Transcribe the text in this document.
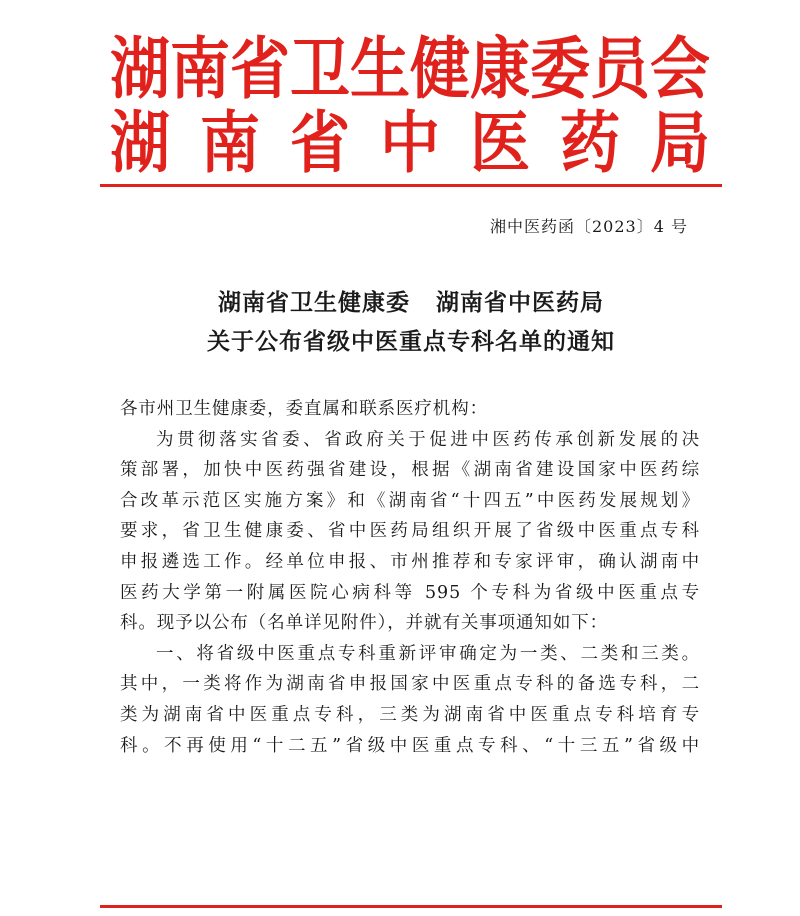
湖 南 省 卫 生 健 康 委 员 会
湖 南 省 中 医 药 局
湘中医药函〔2023〕4 号
湖南省卫生健康委 湖南省中医药局
关于公布省级中医重点专科名单的通知

各市州卫生健康委，委直属和联系医疗机构：

为贯彻落实省委、省政府关于促进中医药传承创新发展的决

策部署，加快中医药强省建设，根据《湖南省建设国家中医药综

合改革示范区实施方案》和《湖南省“十四五”中医药发展规划》

要求，省卫生健康委、省中医药局组织开展了省级中医重点专科

申报遴选工作。经单位申报、市州推荐和专家评审，确认湖南中

医药大学第一附属医院心病科等 595 个专科为省级中医重点专

科。现予以公布（名单详见附件），并就有关事项通知如下：

一、将省级中医重点专科重新评审确定为一类、二类和三类。

其中，一类将作为湖南省申报国家中医重点专科的备选专科，二

类为湖南省中医重点专科，三类为湖南省中医重点专科培育专

科。不再使用“十二五”省级中医重点专科、“十三五”省级中
